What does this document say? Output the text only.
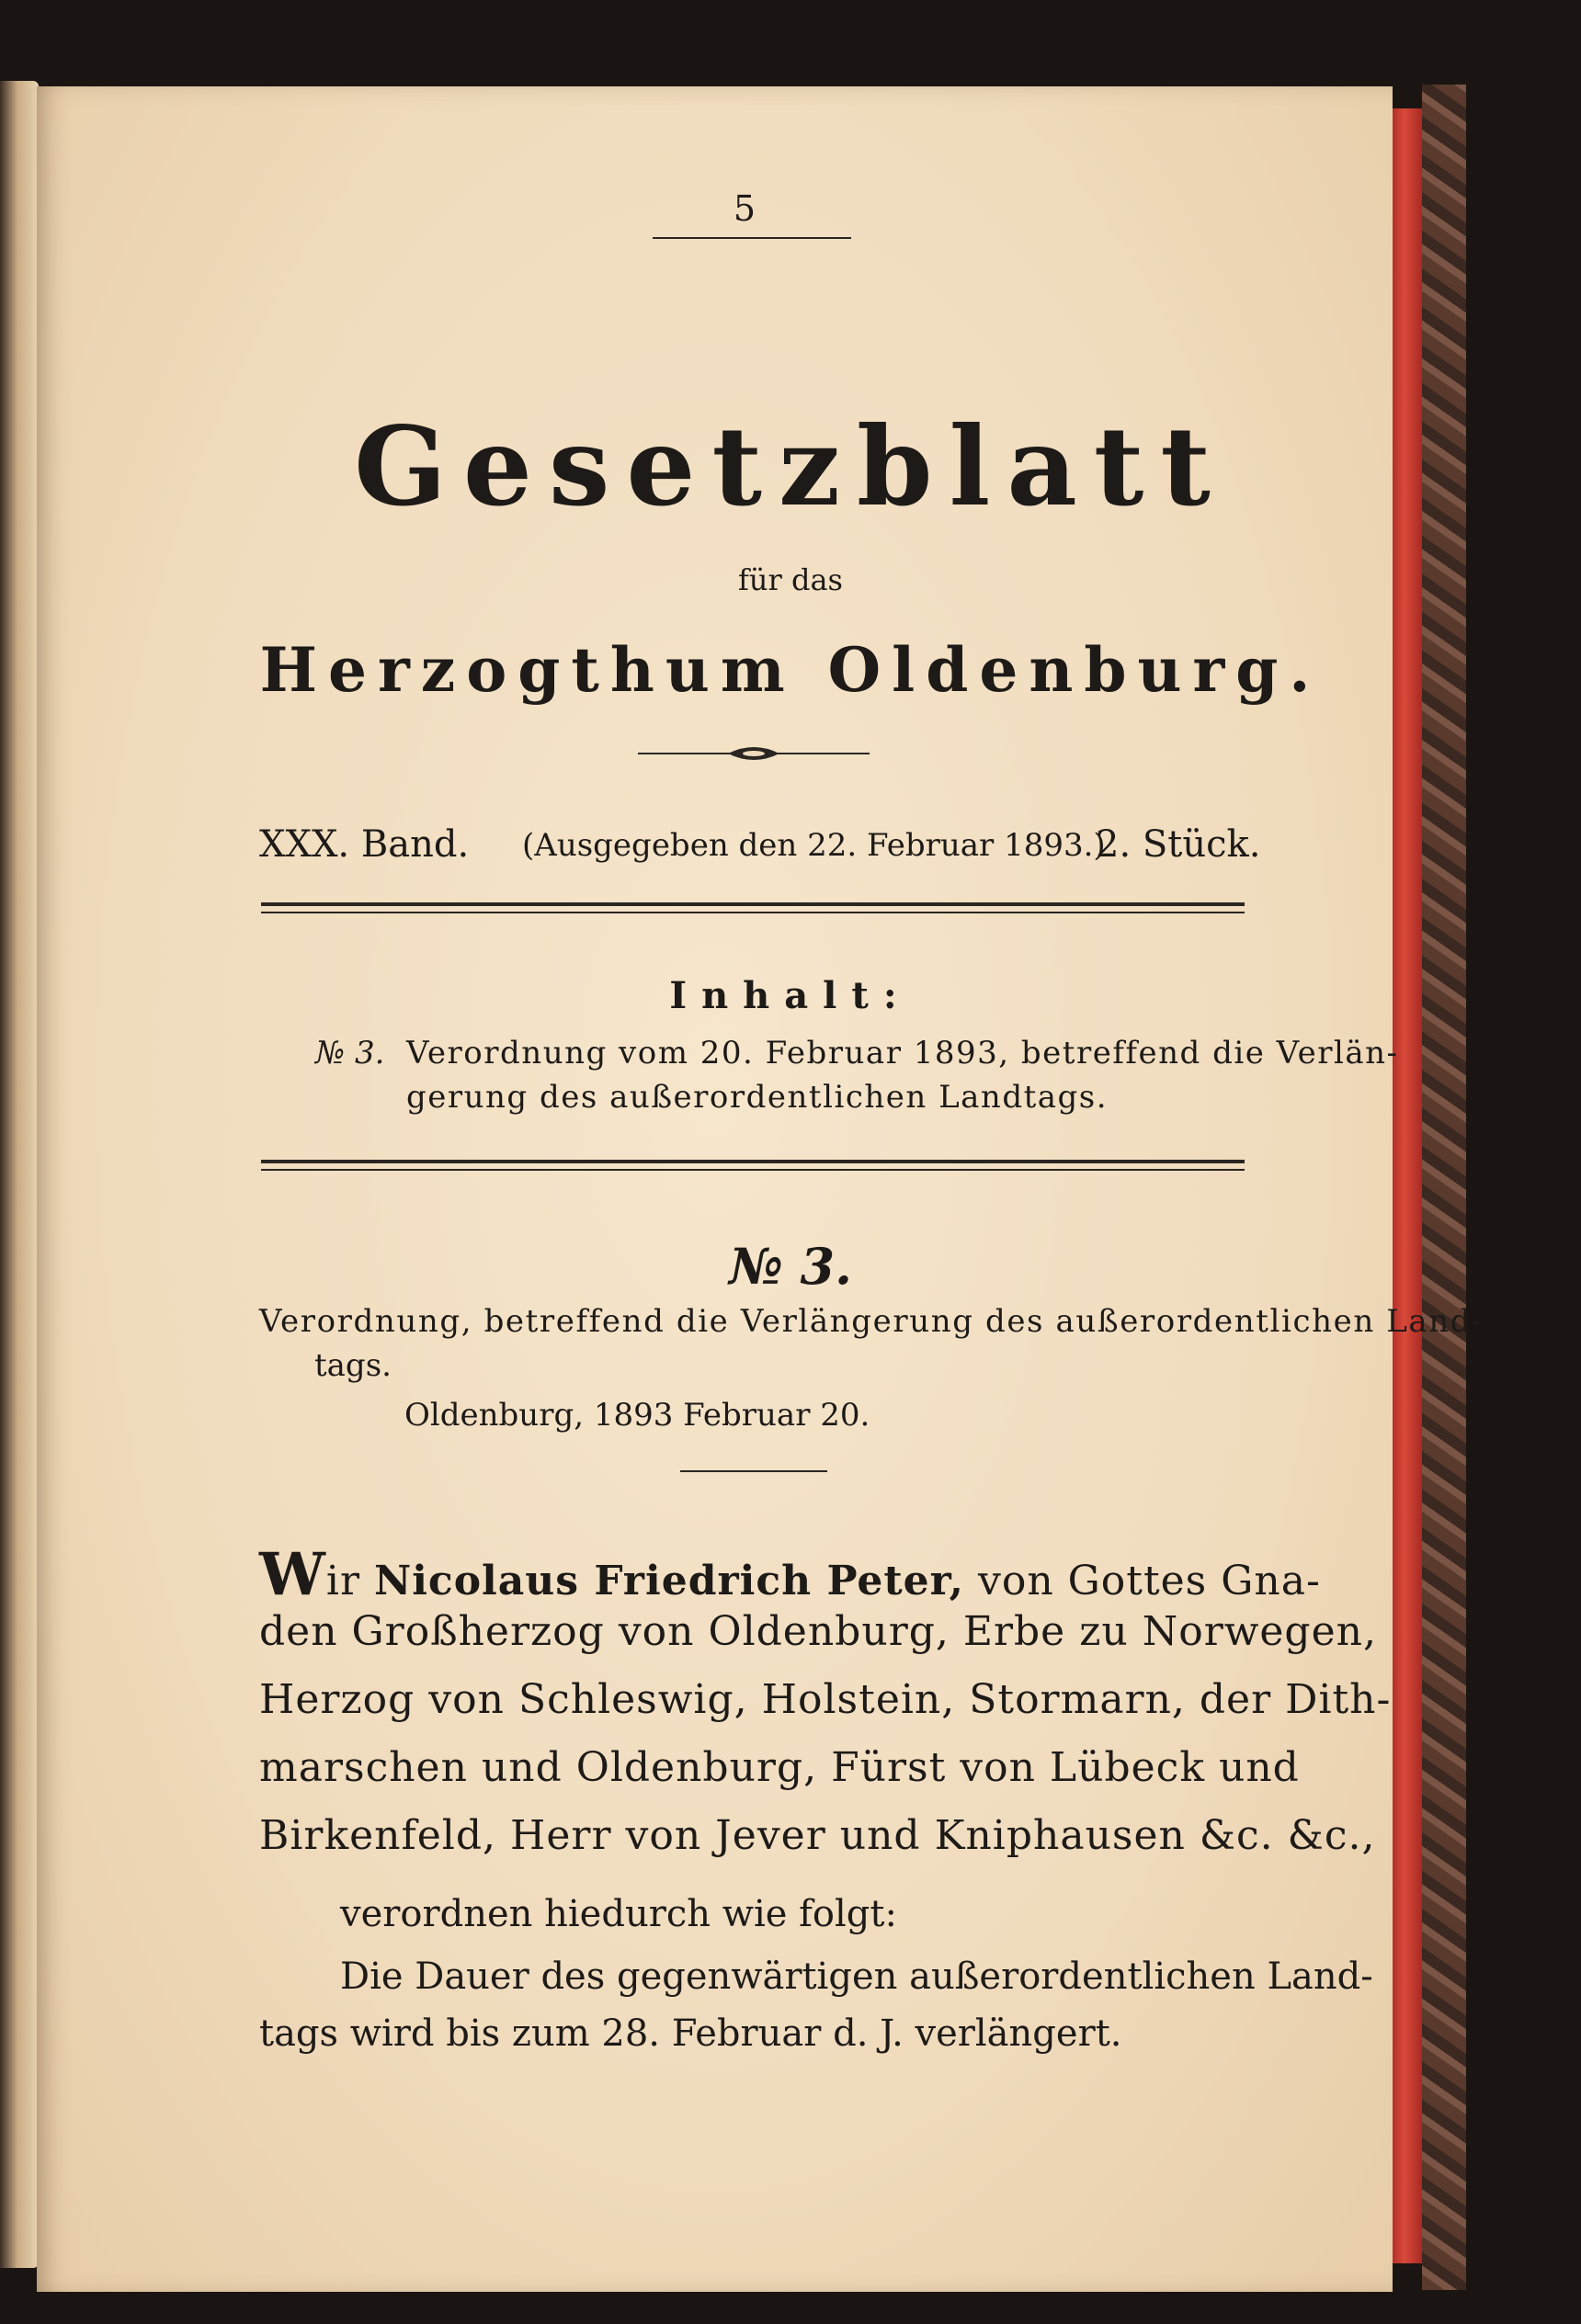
5
Gesetzblatt
für das
Herzogthum Oldenburg.
XXX. Band. (Ausgegeben den 22. Februar 1893.)
2. Stück.
Inhalt:
№ 3. Verordnung vom 20. Februar 1893, betreffend die Verlän-
gerung des außerordentlichen Landtags.
№ 3.
Verordnung, betreffend die Verlängerung des außerordentlichen Land-
tags.
Oldenburg, 1893 Februar 20.
Wir Nicolaus Friedrich Peter, von Gottes Gna-
den Großherzog von Oldenburg, Erbe zu Norwegen,
Herzog von Schleswig, Holstein, Stormarn, der Dith-
marschen und Oldenburg, Fürst von Lübeck und
Birkenfeld, Herr von Jever und Kniphausen &c. &c.,
verordnen hiedurch wie folgt:
Die Dauer des gegenwärtigen außerordentlichen Land-
tags wird bis zum 28. Februar d. J. verlängert.
